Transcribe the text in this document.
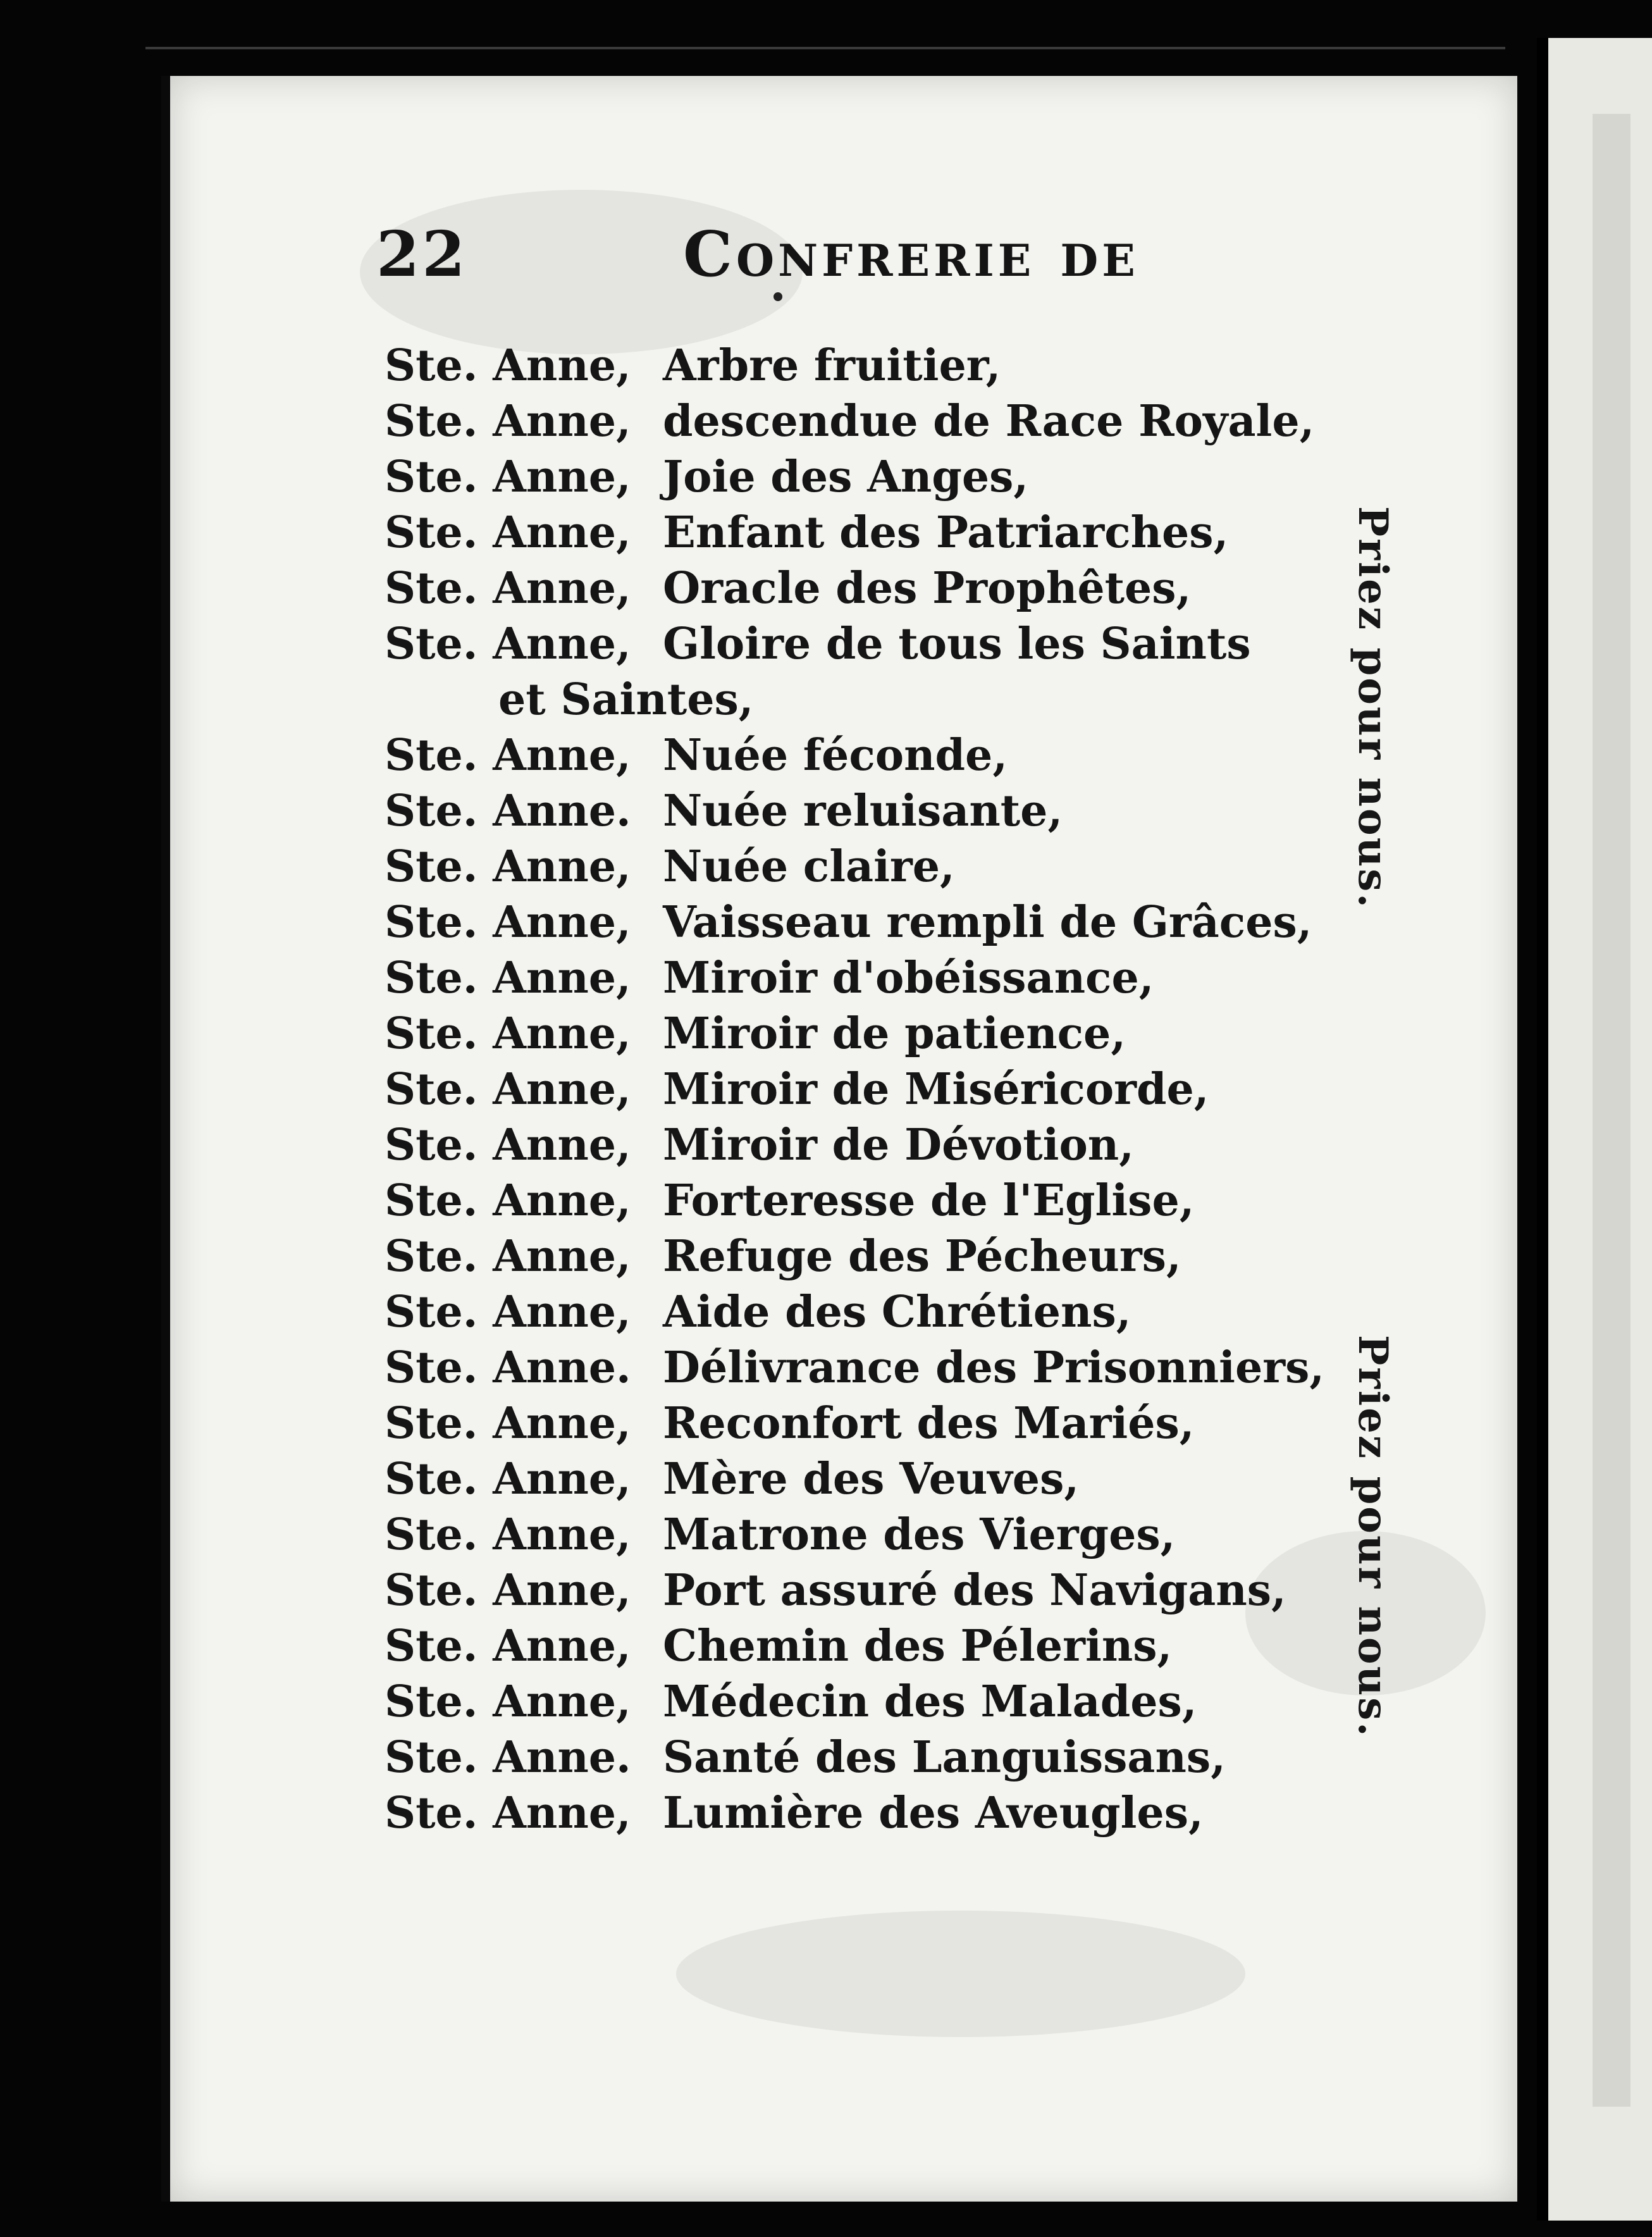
22	Confrerie de
Ste. Anne, Arbre fruitier,
Ste. Anne, descendue de Race Royale,
Ste. Anne, Joie des Anges,
Ste. Anne, Enfant des Patriarches,
Ste. Anne, Oracle des Prophêtes,
Ste. Anne, Gloire de tous les Saints
et Saintes,
Ste. Anne, Nuée féconde,
Ste. Anne. Nuée reluisante,
Ste. Anne, Nuée claire,
Ste. Anne, Vaisseau rempli de Grâces,
Ste. Anne, Miroir d'obéissance,
Ste. Anne, Miroir de patience,
Ste. Anne, Miroir de Miséricorde,
Ste. Anne, Miroir de Dévotion,
Ste. Anne, Forteresse de l'Eglise,
Ste. Anne, Refuge des Pécheurs,
Ste. Anne, Aide des Chrétiens,
Ste. Anne. Délivrance des Prisonniers,
Ste. Anne, Reconfort des Mariés,
Ste. Anne, Mère des Veuves,
Ste. Anne, Matrone des Vierges,
Ste. Anne, Port assuré des Navigans,
Ste. Anne, Chemin des Pélerins,
Ste. Anne, Médecin des Malades,
Ste. Anne. Santé des Languissans,
Ste. Anne, Lumière des Aveugles,
Priez pour nous.
Priez pour nous.
